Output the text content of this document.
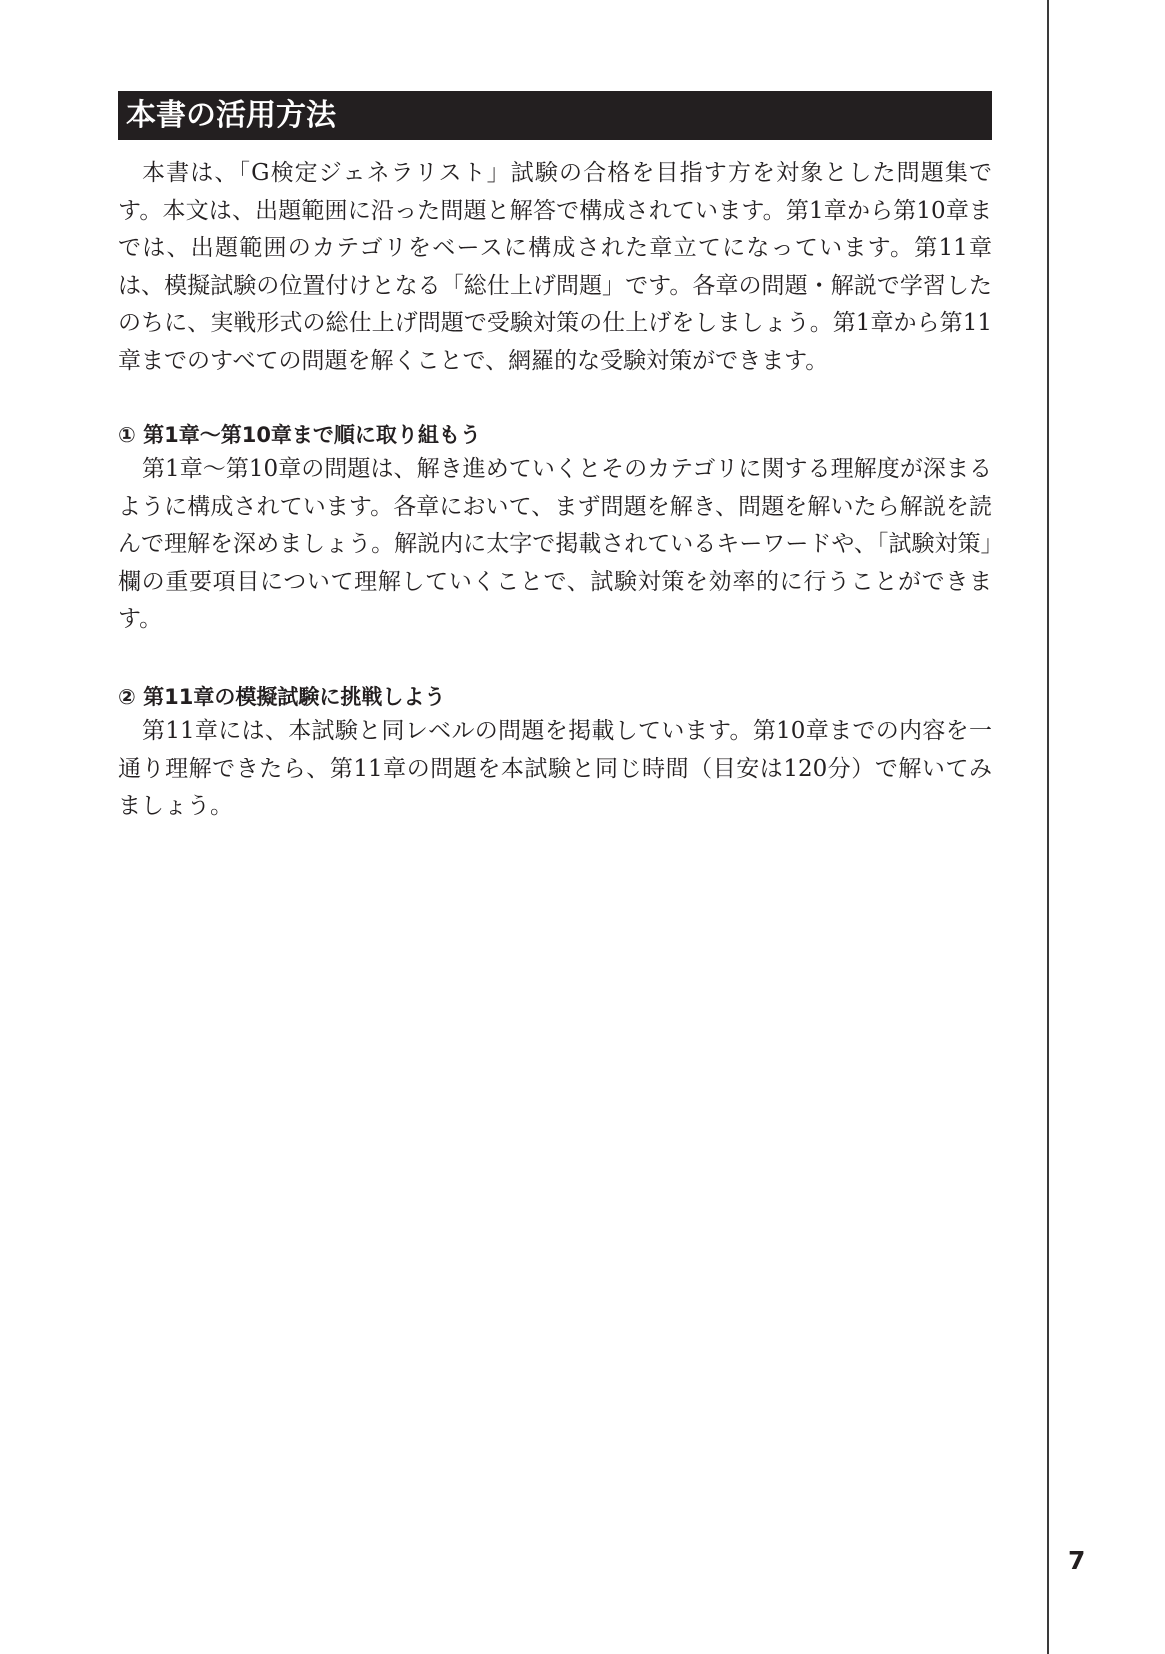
本書の活用方法

本書は、「G検定ジェネラリスト」試験の合格を目指す方を対象とした問題集です。本文は、出題範囲に沿った問題と解答で構成されています。第1章から第10章までは、出題範囲のカテゴリをベースに構成された章立てになっています。第11章は、模擬試験の位置付けとなる「総仕上げ問題」です。各章の問題・解説で学習したのちに、実戦形式の総仕上げ問題で受験対策の仕上げをしましょう。第1章から第11章までのすべての問題を解くことで、網羅的な受験対策ができます。

① 第1章〜第10章まで順に取り組もう

第1章〜第10章の問題は、解き進めていくとそのカテゴリに関する理解度が深まるように構成されています。各章において、まず問題を解き、問題を解いたら解説を読んで理解を深めましょう。解説内に太字で掲載されているキーワードや、「試験対策」欄の重要項目について理解していくことで、試験対策を効率的に行うことができます。

② 第11章の模擬試験に挑戦しよう

第11章には、本試験と同レベルの問題を掲載しています。第10章までの内容を一通り理解できたら、第11章の問題を本試験と同じ時間（目安は120分）で解いてみましょう。

7
